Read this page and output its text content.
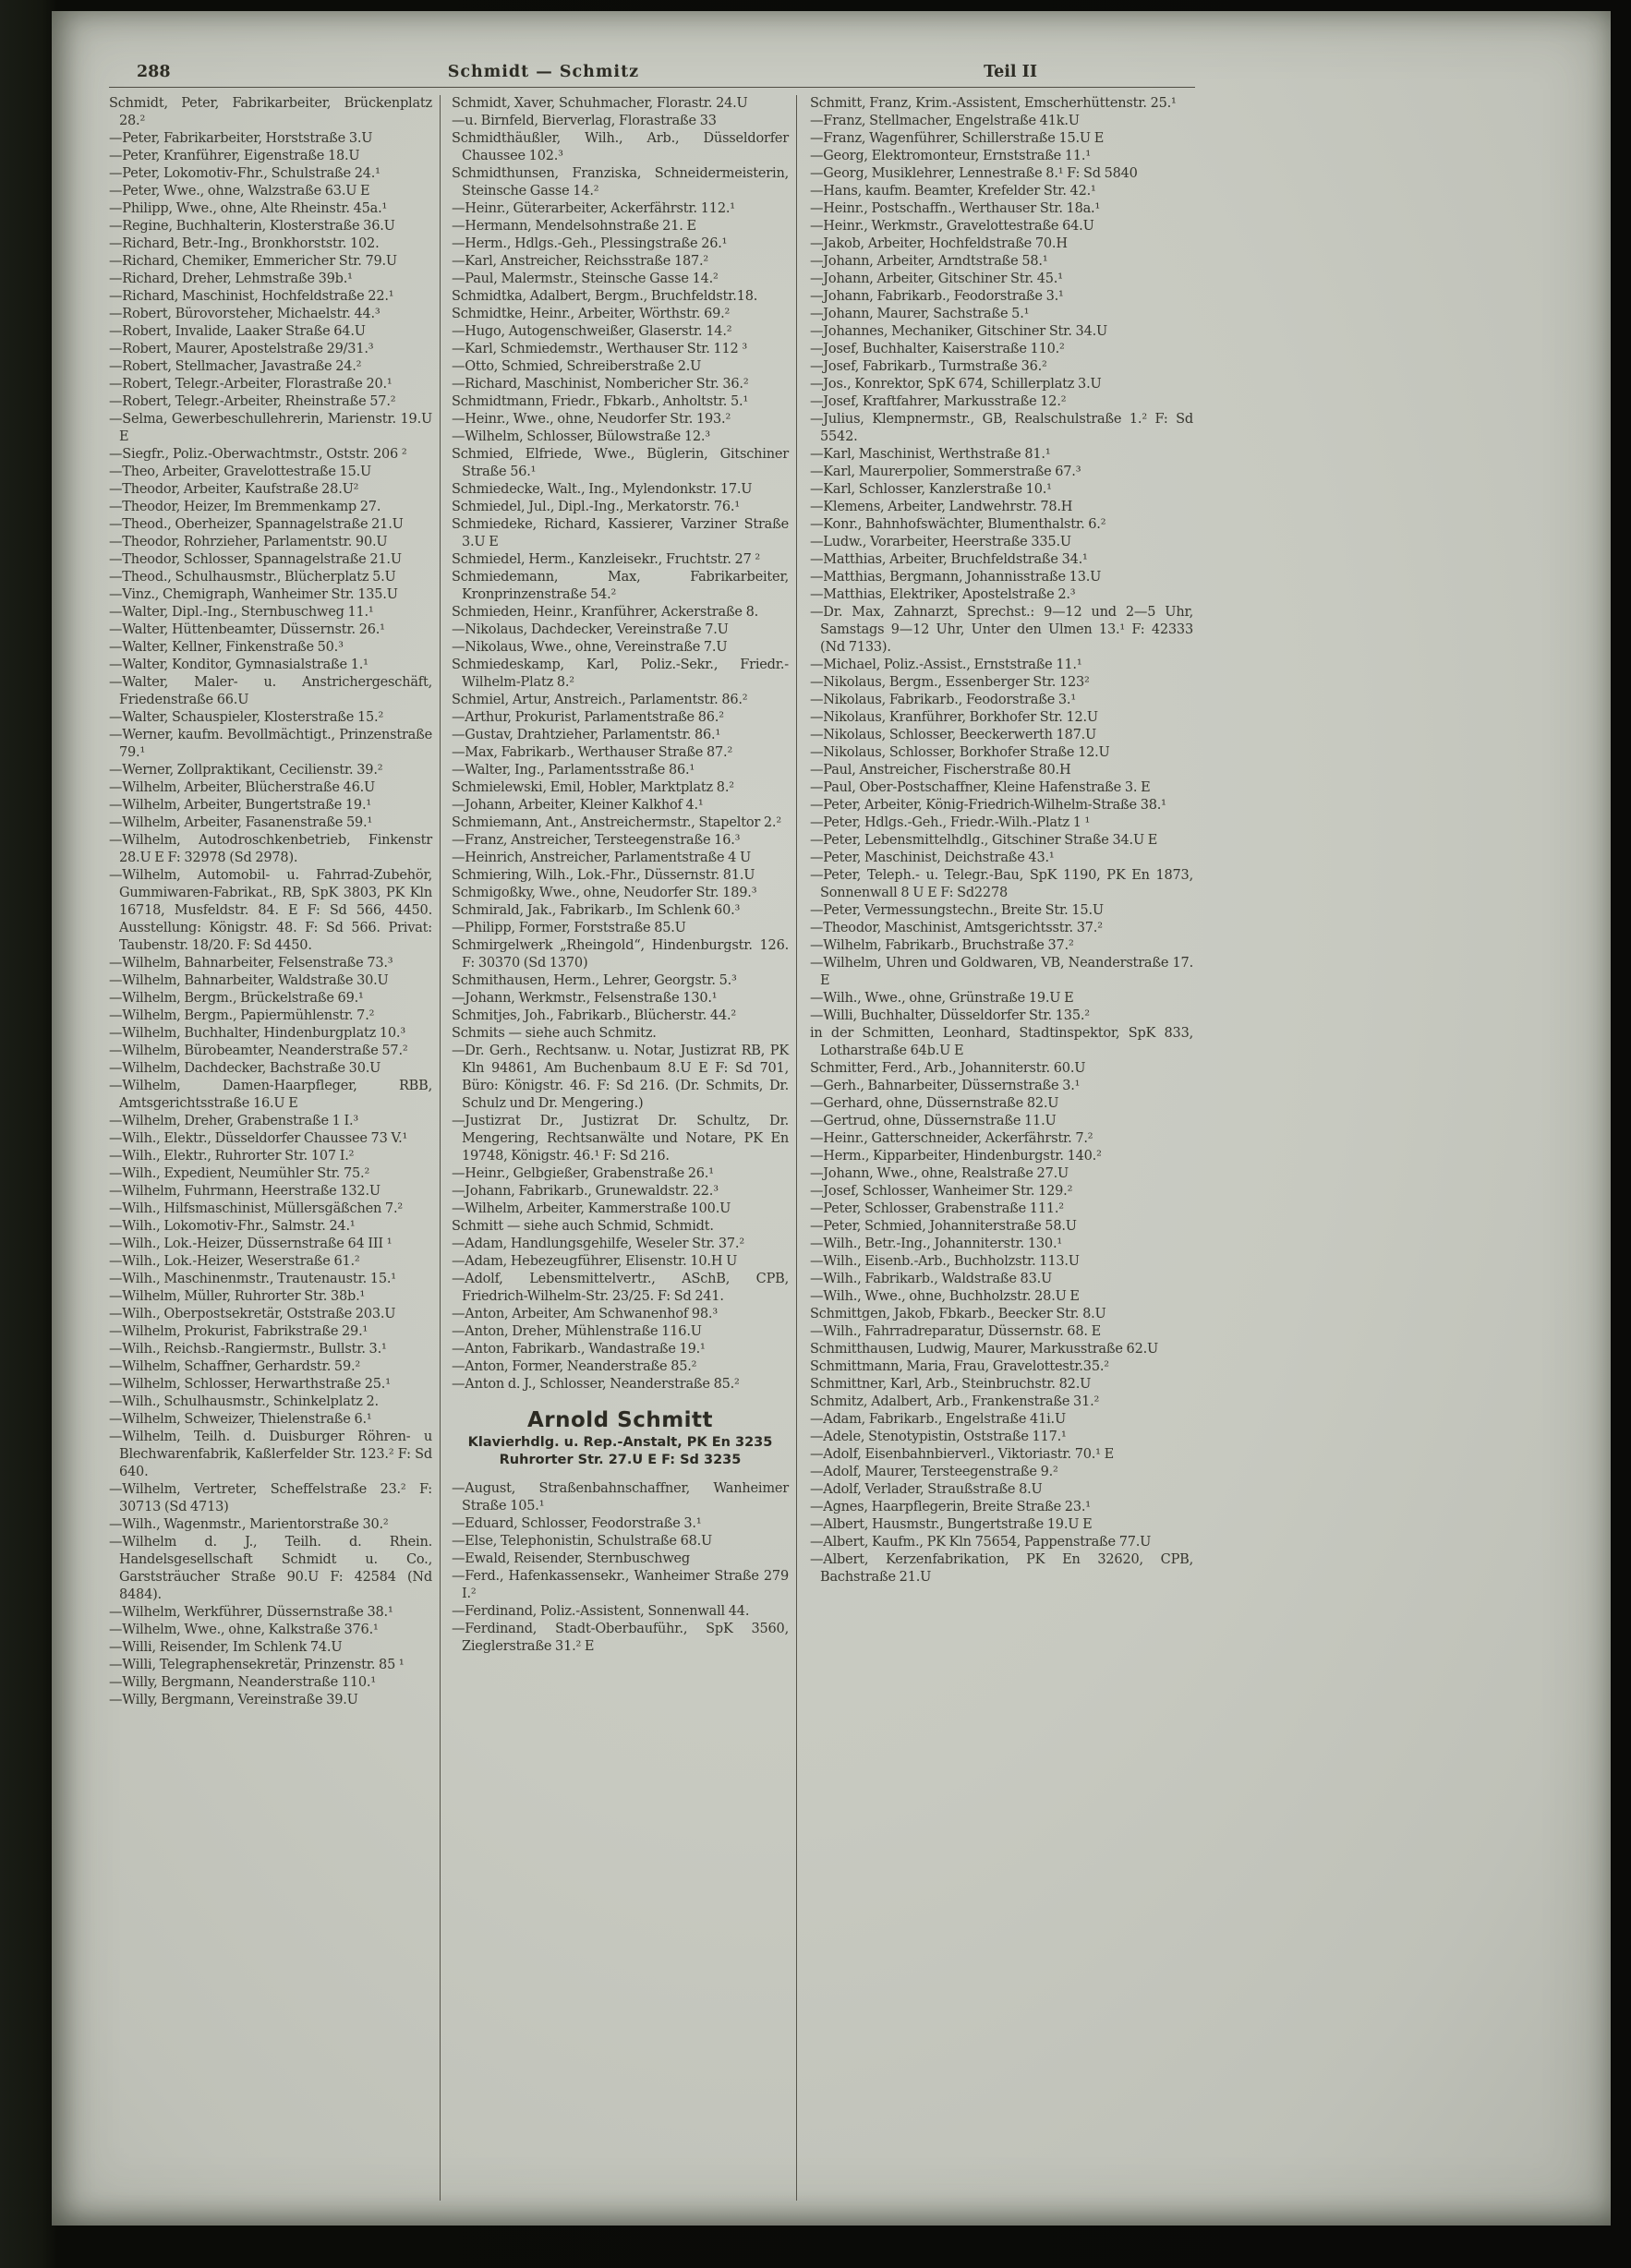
288	Schmidt — Schmitz	Teil II
Schmidt, Peter, Fabrikarbeiter, Brückenplatz 28.²
—Peter, Fabrikarbeiter, Horststraße 3.U
—Peter, Kranführer, Eigenstraße 18.U
—Peter, Lokomotiv-Fhr., Schulstraße 24.¹
—Peter, Wwe., ohne, Walzstraße 63.U E
—Philipp, Wwe., ohne, Alte Rheinstr. 45a.¹
—Regine, Buchhalterin, Klosterstraße 36.U
—Richard, Betr.-Ing., Bronkhorststr. 102.
—Richard, Chemiker, Emmericher Str. 79.U
—Richard, Dreher, Lehmstraße 39b.¹
—Richard, Maschinist, Hochfeldstraße 22.¹
—Robert, Bürovorsteher, Michaelstr. 44.³
—Robert, Invalide, Laaker Straße 64.U
—Robert, Maurer, Apostelstraße 29/31.³
—Robert, Stellmacher, Javastraße 24.²
—Robert, Telegr.-Arbeiter, Florastraße 20.¹
—Robert, Telegr.-Arbeiter, Rheinstraße 57.²
—Selma, Gewerbeschullehrerin, Marienstr. 19.U E
—Siegfr., Poliz.-Oberwachtmstr., Oststr. 206 ²
—Theo, Arbeiter, Gravelottestraße 15.U
—Theodor, Arbeiter, Kaufstraße 28.U²
—Theodor, Heizer, Im Bremmenkamp 27.
—Theod., Oberheizer, Spannagelstraße 21.U
—Theodor, Rohrzieher, Parlamentstr. 90.U
—Theodor, Schlosser, Spannagelstraße 21.U
—Theod., Schulhausmstr., Blücherplatz 5.U
—Vinz., Chemigraph, Wanheimer Str. 135.U
—Walter, Dipl.-Ing., Sternbuschweg 11.¹
—Walter, Hüttenbeamter, Düssernstr. 26.¹
—Walter, Kellner, Finkenstraße 50.³
—Walter, Konditor, Gymnasialstraße 1.¹
—Walter, Maler- u. Anstrichergeschäft, Friedenstraße 66.U
—Walter, Schauspieler, Klosterstraße 15.²
—Werner, kaufm. Bevollmächtigt., Prinzenstraße 79.¹
—Werner, Zollpraktikant, Cecilienstr. 39.²
—Wilhelm, Arbeiter, Blücherstraße 46.U
—Wilhelm, Arbeiter, Bungertstraße 19.¹
—Wilhelm, Arbeiter, Fasanenstraße 59.¹
—Wilhelm, Autodroschkenbetrieb, Finkenstr 28.U E F: 32978 (Sd 2978).
—Wilhelm, Automobil- u. Fahrrad-Zubehör, Gummiwaren-Fabrikat., RB, SpK 3803, PK Kln 16718, Musfeldstr. 84. E F: Sd 566, 4450. Ausstellung: Königstr. 48. F: Sd 566. Privat: Taubenstr. 18/20. F: Sd 4450.
—Wilhelm, Bahnarbeiter, Felsenstraße 73.³
—Wilhelm, Bahnarbeiter, Waldstraße 30.U
—Wilhelm, Bergm., Brückelstraße 69.¹
—Wilhelm, Bergm., Papiermühlenstr. 7.²
—Wilhelm, Buchhalter, Hindenburgplatz 10.³
—Wilhelm, Bürobeamter, Neanderstraße 57.²
—Wilhelm, Dachdecker, Bachstraße 30.U
—Wilhelm, Damen-Haarpfleger, RBB, Amtsgerichtsstraße 16.U E
—Wilhelm, Dreher, Grabenstraße 1 I.³
—Wilh., Elektr., Düsseldorfer Chaussee 73 V.¹
—Wilh., Elektr., Ruhrorter Str. 107 I.²
—Wilh., Expedient, Neumühler Str. 75.²
—Wilhelm, Fuhrmann, Heerstraße 132.U
—Wilh., Hilfsmaschinist, Müllersgäßchen 7.²
—Wilh., Lokomotiv-Fhr., Salmstr. 24.¹
—Wilh., Lok.-Heizer, Düssernstraße 64 III ¹
—Wilh., Lok.-Heizer, Weserstraße 61.²
—Wilh., Maschinenmstr., Trautenaustr. 15.¹
—Wilhelm, Müller, Ruhrorter Str. 38b.¹
—Wilh., Oberpostsekretär, Oststraße 203.U
—Wilhelm, Prokurist, Fabrikstraße 29.¹
—Wilh., Reichsb.-Rangiermstr., Bullstr. 3.¹
—Wilhelm, Schaffner, Gerhardstr. 59.²
—Wilhelm, Schlosser, Herwarthstraße 25.¹
—Wilh., Schulhausmstr., Schinkelplatz 2.
—Wilhelm, Schweizer, Thielenstraße 6.¹
—Wilhelm, Teilh. d. Duisburger Röhren- u Blechwarenfabrik, Kaßlerfelder Str. 123.² F: Sd 640.
—Wilhelm, Vertreter, Scheffelstraße 23.² F: 30713 (Sd 4713)
—Wilh., Wagenmstr., Marientorstraße 30.²
—Wilhelm d. J., Teilh. d. Rhein. Handelsgesellschaft Schmidt u. Co., Garststräucher Straße 90.U F: 42584 (Nd 8484).
—Wilhelm, Werkführer, Düssernstraße 38.¹
—Wilhelm, Wwe., ohne, Kalkstraße 376.¹
—Willi, Reisender, Im Schlenk 74.U
—Willi, Telegraphensekretär, Prinzenstr. 85 ¹
—Willy, Bergmann, Neanderstraße 110.¹
—Willy, Bergmann, Vereinstraße 39.U
Schmidt, Xaver, Schuhmacher, Florastr. 24.U
—u. Birnfeld, Bierverlag, Florastraße 33
Schmidthäußler, Wilh., Arb., Düsseldorfer Chaussee 102.³
Schmidthunsen, Franziska, Schneidermeisterin, Steinsche Gasse 14.²
—Heinr., Güterarbeiter, Ackerfährstr. 112.¹
—Hermann, Mendelsohnstraße 21. E
—Herm., Hdlgs.-Geh., Plessingstraße 26.¹
—Karl, Anstreicher, Reichsstraße 187.²
—Paul, Malermstr., Steinsche Gasse 14.²
Schmidtka, Adalbert, Bergm., Bruchfeldstr.18.
Schmidtke, Heinr., Arbeiter, Wörthstr. 69.²
—Hugo, Autogenschweißer, Glaserstr. 14.²
—Karl, Schmiedemstr., Werthauser Str. 112 ³
—Otto, Schmied, Schreiberstraße 2.U
—Richard, Maschinist, Nombericher Str. 36.²
Schmidtmann, Friedr., Fbkarb., Anholtstr. 5.¹
—Heinr., Wwe., ohne, Neudorfer Str. 193.²
—Wilhelm, Schlosser, Bülowstraße 12.³
Schmied, Elfriede, Wwe., Büglerin, Gitschiner Straße 56.¹
Schmiedecke, Walt., Ing., Mylendonkstr. 17.U
Schmiedel, Jul., Dipl.-Ing., Merkatorstr. 76.¹
Schmiedeke, Richard, Kassierer, Varziner Straße 3.U E
Schmiedel, Herm., Kanzleisekr., Fruchtstr. 27 ²
Schmiedemann, Max, Fabrikarbeiter, Kronprinzenstraße 54.²
Schmieden, Heinr., Kranführer, Ackerstraße 8.
—Nikolaus, Dachdecker, Vereinstraße 7.U
—Nikolaus, Wwe., ohne, Vereinstraße 7.U
Schmiedeskamp, Karl, Poliz.-Sekr., Friedr.-Wilhelm-Platz 8.²
Schmiel, Artur, Anstreich., Parlamentstr. 86.²
—Arthur, Prokurist, Parlamentstraße 86.²
—Gustav, Drahtzieher, Parlamentstr. 86.¹
—Max, Fabrikarb., Werthauser Straße 87.²
—Walter, Ing., Parlamentsstraße 86.¹
Schmielewski, Emil, Hobler, Marktplatz 8.²
—Johann, Arbeiter, Kleiner Kalkhof 4.¹
Schmiemann, Ant., Anstreichermstr., Stapeltor 2.²
—Franz, Anstreicher, Tersteegenstraße 16.³
—Heinrich, Anstreicher, Parlamentstraße 4 U
Schmiering, Wilh., Lok.-Fhr., Düssernstr. 81.U
Schmigoßky, Wwe., ohne, Neudorfer Str. 189.³
Schmirald, Jak., Fabrikarb., Im Schlenk 60.³
—Philipp, Former, Forststraße 85.U
Schmirgelwerk „Rheingold“, Hindenburgstr. 126. F: 30370 (Sd 1370)
Schmithausen, Herm., Lehrer, Georgstr. 5.³
—Johann, Werkmstr., Felsenstraße 130.¹
Schmitjes, Joh., Fabrikarb., Blücherstr. 44.²
Schmits — siehe auch Schmitz.
—Dr. Gerh., Rechtsanw. u. Notar, Justizrat RB, PK Kln 94861, Am Buchenbaum 8.U E F: Sd 701, Büro: Königstr. 46. F: Sd 216. (Dr. Schmits, Dr. Schulz und Dr. Mengering.)
—Justizrat Dr., Justizrat Dr. Schultz, Dr. Mengering, Rechtsanwälte und Notare, PK En 19748, Königstr. 46.¹ F: Sd 216.
—Heinr., Gelbgießer, Grabenstraße 26.¹
—Johann, Fabrikarb., Grunewaldstr. 22.³
—Wilhelm, Arbeiter, Kammerstraße 100.U
Schmitt — siehe auch Schmid, Schmidt.
—Adam, Handlungsgehilfe, Weseler Str. 37.²
—Adam, Hebezeugführer, Elisenstr. 10.H U
—Adolf, Lebensmittelvertr., ASchB, CPB, Friedrich-Wilhelm-Str. 23/25. F: Sd 241.
—Anton, Arbeiter, Am Schwanenhof 98.³
—Anton, Dreher, Mühlenstraße 116.U
—Anton, Fabrikarb., Wandastraße 19.¹
—Anton, Former, Neanderstraße 85.²
—Anton d. J., Schlosser, Neanderstraße 85.²
Arnold Schmitt
Klavierhdlg. u. Rep.-Anstalt, PK En 3235
Ruhrorter Str. 27.U E F: Sd 3235
—August, Straßenbahnschaffner, Wanheimer Straße 105.¹
—Eduard, Schlosser, Feodorstraße 3.¹
—Else, Telephonistin, Schulstraße 68.U
—Ewald, Reisender, Sternbuschweg
—Ferd., Hafenkassensekr., Wanheimer Straße 279 I.²
—Ferdinand, Poliz.-Assistent, Sonnenwall 44.
—Ferdinand, Stadt-Oberbauführ., SpK 3560, Zieglerstraße 31.² E
Schmitt, Franz, Krim.-Assistent, Emscherhüttenstr. 25.¹
—Franz, Stellmacher, Engelstraße 41k.U
—Franz, Wagenführer, Schillerstraße 15.U E
—Georg, Elektromonteur, Ernststraße 11.¹
—Georg, Musiklehrer, Lennestraße 8.¹ F: Sd 5840
—Hans, kaufm. Beamter, Krefelder Str. 42.¹
—Heinr., Postschaffn., Werthauser Str. 18a.¹
—Heinr., Werkmstr., Gravelottestraße 64.U
—Jakob, Arbeiter, Hochfeldstraße 70.H
—Johann, Arbeiter, Arndtstraße 58.¹
—Johann, Arbeiter, Gitschiner Str. 45.¹
—Johann, Fabrikarb., Feodorstraße 3.¹
—Johann, Maurer, Sachstraße 5.¹
—Johannes, Mechaniker, Gitschiner Str. 34.U
—Josef, Buchhalter, Kaiserstraße 110.²
—Josef, Fabrikarb., Turmstraße 36.²
—Jos., Konrektor, SpK 674, Schillerplatz 3.U
—Josef, Kraftfahrer, Markusstraße 12.²
—Julius, Klempnermstr., GB, Realschulstraße 1.² F: Sd 5542.
—Karl, Maschinist, Werthstraße 81.¹
—Karl, Maurerpolier, Sommerstraße 67.³
—Karl, Schlosser, Kanzlerstraße 10.¹
—Klemens, Arbeiter, Landwehrstr. 78.H
—Konr., Bahnhofswächter, Blumenthalstr. 6.²
—Ludw., Vorarbeiter, Heerstraße 335.U
—Matthias, Arbeiter, Bruchfeldstraße 34.¹
—Matthias, Bergmann, Johannisstraße 13.U
—Matthias, Elektriker, Apostelstraße 2.³
—Dr. Max, Zahnarzt, Sprechst.: 9—12 und 2—5 Uhr, Samstags 9—12 Uhr, Unter den Ulmen 13.¹ F: 42333 (Nd 7133).
—Michael, Poliz.-Assist., Ernststraße 11.¹
—Nikolaus, Bergm., Essenberger Str. 123²
—Nikolaus, Fabrikarb., Feodorstraße 3.¹
—Nikolaus, Kranführer, Borkhofer Str. 12.U
—Nikolaus, Schlosser, Beeckerwerth 187.U
—Nikolaus, Schlosser, Borkhofer Straße 12.U
—Paul, Anstreicher, Fischerstraße 80.H
—Paul, Ober-Postschaffner, Kleine Hafenstraße 3. E
—Peter, Arbeiter, König-Friedrich-Wilhelm-Straße 38.¹
—Peter, Hdlgs.-Geh., Friedr.-Wilh.-Platz 1 ¹
—Peter, Lebensmittelhdlg., Gitschiner Straße 34.U E
—Peter, Maschinist, Deichstraße 43.¹
—Peter, Teleph.- u. Telegr.-Bau, SpK 1190, PK En 1873, Sonnenwall 8 U E F: Sd2278
—Peter, Vermessungstechn., Breite Str. 15.U
—Theodor, Maschinist, Amtsgerichtsstr. 37.²
—Wilhelm, Fabrikarb., Bruchstraße 37.²
—Wilhelm, Uhren und Goldwaren, VB, Neanderstraße 17. E
—Wilh., Wwe., ohne, Grünstraße 19.U E
—Willi, Buchhalter, Düsseldorfer Str. 135.²
in der Schmitten, Leonhard, Stadtinspektor, SpK 833, Lotharstraße 64b.U E
Schmitter, Ferd., Arb., Johanniterstr. 60.U
—Gerh., Bahnarbeiter, Düssernstraße 3.¹
—Gerhard, ohne, Düssernstraße 82.U
—Gertrud, ohne, Düssernstraße 11.U
—Heinr., Gatterschneider, Ackerfährstr. 7.²
—Herm., Kipparbeiter, Hindenburgstr. 140.²
—Johann, Wwe., ohne, Realstraße 27.U
—Josef, Schlosser, Wanheimer Str. 129.²
—Peter, Schlosser, Grabenstraße 111.²
—Peter, Schmied, Johanniterstraße 58.U
—Wilh., Betr.-Ing., Johanniterstr. 130.¹
—Wilh., Eisenb.-Arb., Buchholzstr. 113.U
—Wilh., Fabrikarb., Waldstraße 83.U
—Wilh., Wwe., ohne, Buchholzstr. 28.U E
Schmittgen, Jakob, Fbkarb., Beecker Str. 8.U
—Wilh., Fahrradreparatur, Düssernstr. 68. E
Schmitthausen, Ludwig, Maurer, Markusstraße 62.U
Schmittmann, Maria, Frau, Gravelottestr.35.²
Schmittner, Karl, Arb., Steinbruchstr. 82.U
Schmitz, Adalbert, Arb., Frankenstraße 31.²
—Adam, Fabrikarb., Engelstraße 41i.U
—Adele, Stenotypistin, Oststraße 117.¹
—Adolf, Eisenbahnbierverl., Viktoriastr. 70.¹ E
—Adolf, Maurer, Tersteegenstraße 9.²
—Adolf, Verlader, Straußstraße 8.U
—Agnes, Haarpflegerin, Breite Straße 23.¹
—Albert, Hausmstr., Bungertstraße 19.U E
—Albert, Kaufm., PK Kln 75654, Pappenstraße 77.U
—Albert, Kerzenfabrikation, PK En 32620, CPB, Bachstraße 21.U
